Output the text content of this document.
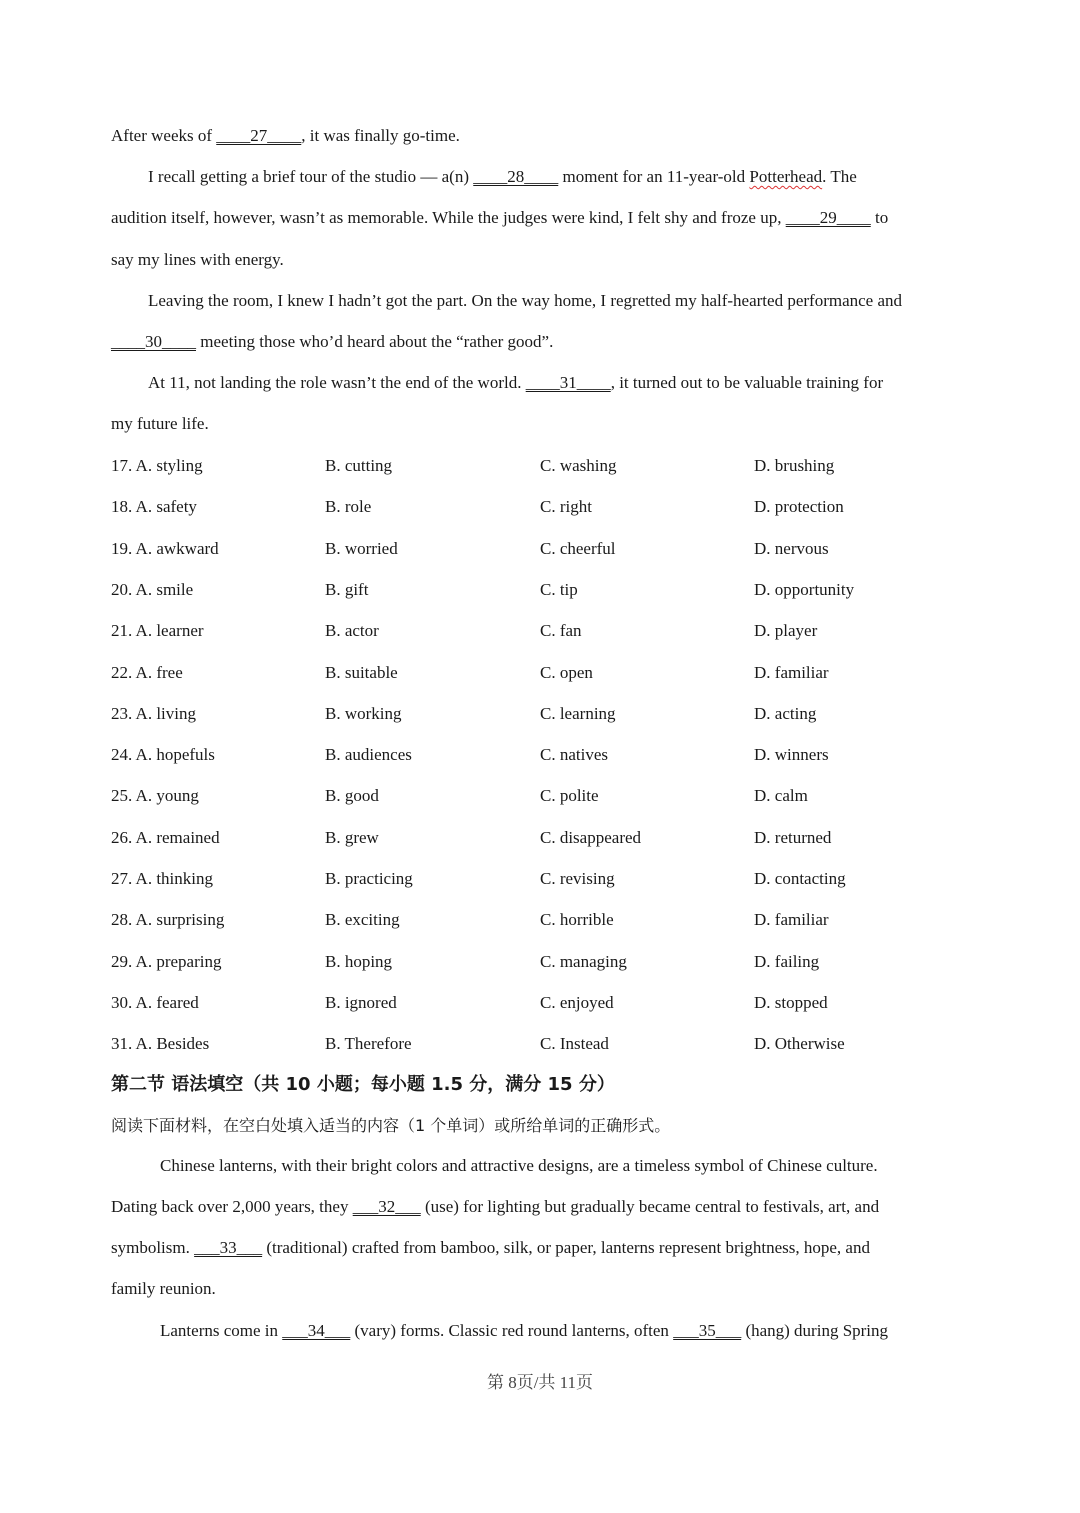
After weeks of ____27____, it was finally go-time.
I recall getting a brief tour of the studio — a(n) ____28____ moment for an 11-year-old Potterhead. The
audition itself, however, wasn’t as memorable. While the judges were kind, I felt shy and froze up, ____29____ to
say my lines with energy.
Leaving the room, I knew I hadn’t got the part. On the way home, I regretted my half-hearted performance and
____30____ meeting those who’d heard about the “rather good”.
At 11, not landing the role wasn’t the end of the world. ____31____, it turned out to be valuable training for
my future life.
17. A. styling	B. cutting	C. washing	D. brushing
18. A. safety	B. role	C. right	D. protection
19. A. awkward	B. worried	C. cheerful	D. nervous
20. A. smile	B. gift	C. tip	D. opportunity
21. A. learner	B. actor	C. fan	D. player
22. A. free	B. suitable	C. open	D. familiar
23. A. living	B. working	C. learning	D. acting
24. A. hopefuls	B. audiences	C. natives	D. winners
25. A. young	B. good	C. polite	D. calm
26. A. remained	B. grew	C. disappeared	D. returned
27. A. thinking	B. practicing	C. revising	D. contacting
28. A. surprising	B. exciting	C. horrible	D. familiar
29. A. preparing	B. hoping	C. managing	D. failing
30. A. feared	B. ignored	C. enjoyed	D. stopped
31. A. Besides	B. Therefore	C. Instead	D. Otherwise
第二节 语法填空（共 10 小题；每小题 1.5 分，满分 15 分）
阅读下面材料，在空白处填入适当的内容（1 个单词）或所给单词的正确形式。
Chinese lanterns, with their bright colors and attractive designs, are a timeless symbol of Chinese culture.
Dating back over 2,000 years, they ___32___ (use) for lighting but gradually became central to festivals, art, and
symbolism. ___33___ (traditional) crafted from bamboo, silk, or paper, lanterns represent brightness, hope, and
family reunion.
Lanterns come in ___34___ (vary) forms. Classic red round lanterns, often ___35___ (hang) during Spring
第 8页/共 11页
